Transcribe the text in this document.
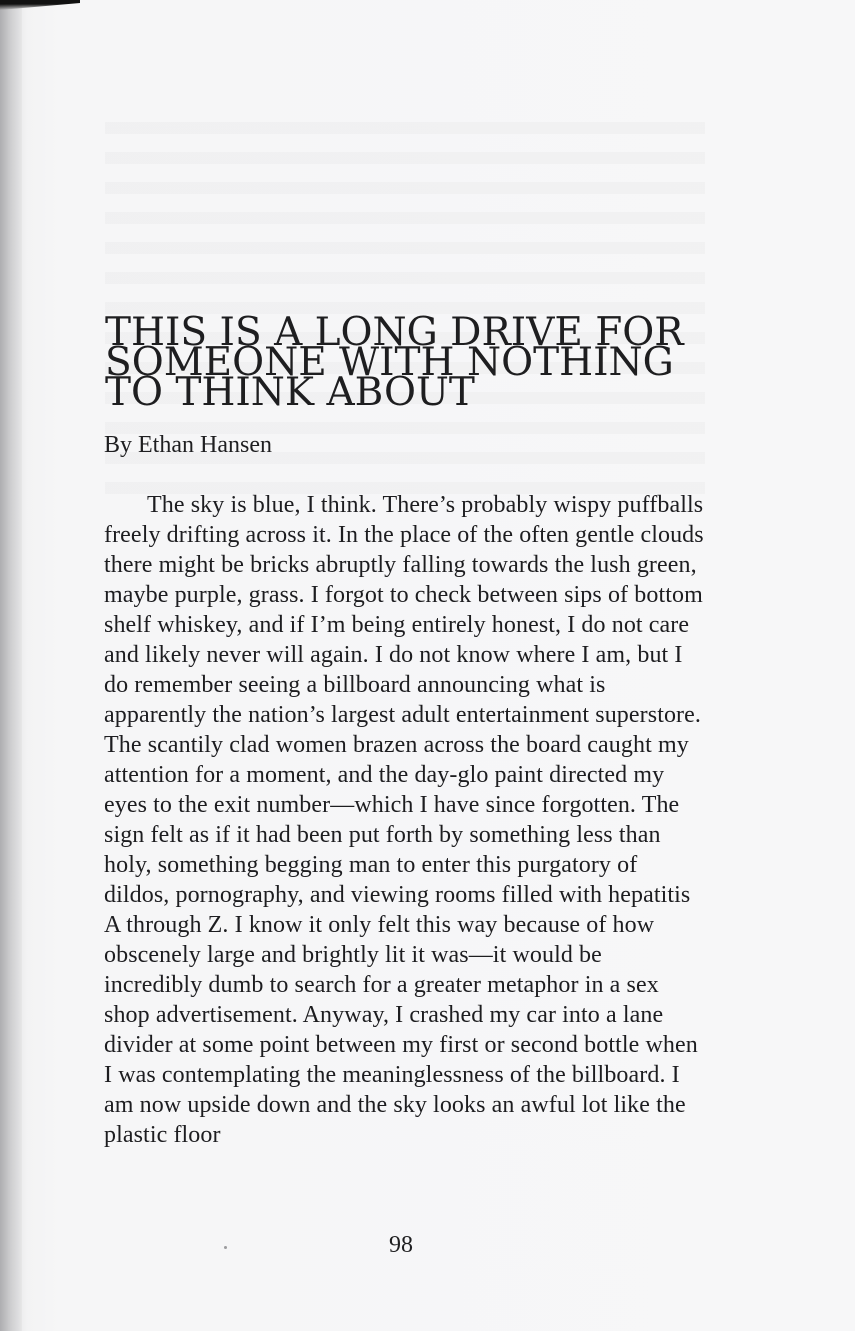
THIS IS A LONG DRIVE FOR SOMEONE WITH NOTHING TO THINK ABOUT

By Ethan Hansen

The sky is blue, I think. There’s probably wispy puffballs freely drifting across it. In the place of the often gentle clouds there might be bricks abruptly falling towards the lush green, maybe purple, grass. I forgot to check between sips of bottom shelf whiskey, and if I’m being entirely honest, I do not care and likely never will again. I do not know where I am, but I do remember seeing a billboard announcing what is apparently the nation’s largest adult entertainment superstore. The scantily clad women brazen across the board caught my attention for a moment, and the day-glo paint directed my eyes to the exit number—which I have since forgotten. The sign felt as if it had been put forth by something less than holy, something begging man to enter this purgatory of dildos, pornography, and viewing rooms filled with hepatitis A through Z. I know it only felt this way because of how obscenely large and brightly lit it was—it would be incredibly dumb to search for a greater metaphor in a sex shop advertisement. Anyway, I crashed my car into a lane divider at some point between my first or second bottle when I was contemplating the meaninglessness of the billboard. I am now upside down and the sky looks an awful lot like the plastic floor

98
